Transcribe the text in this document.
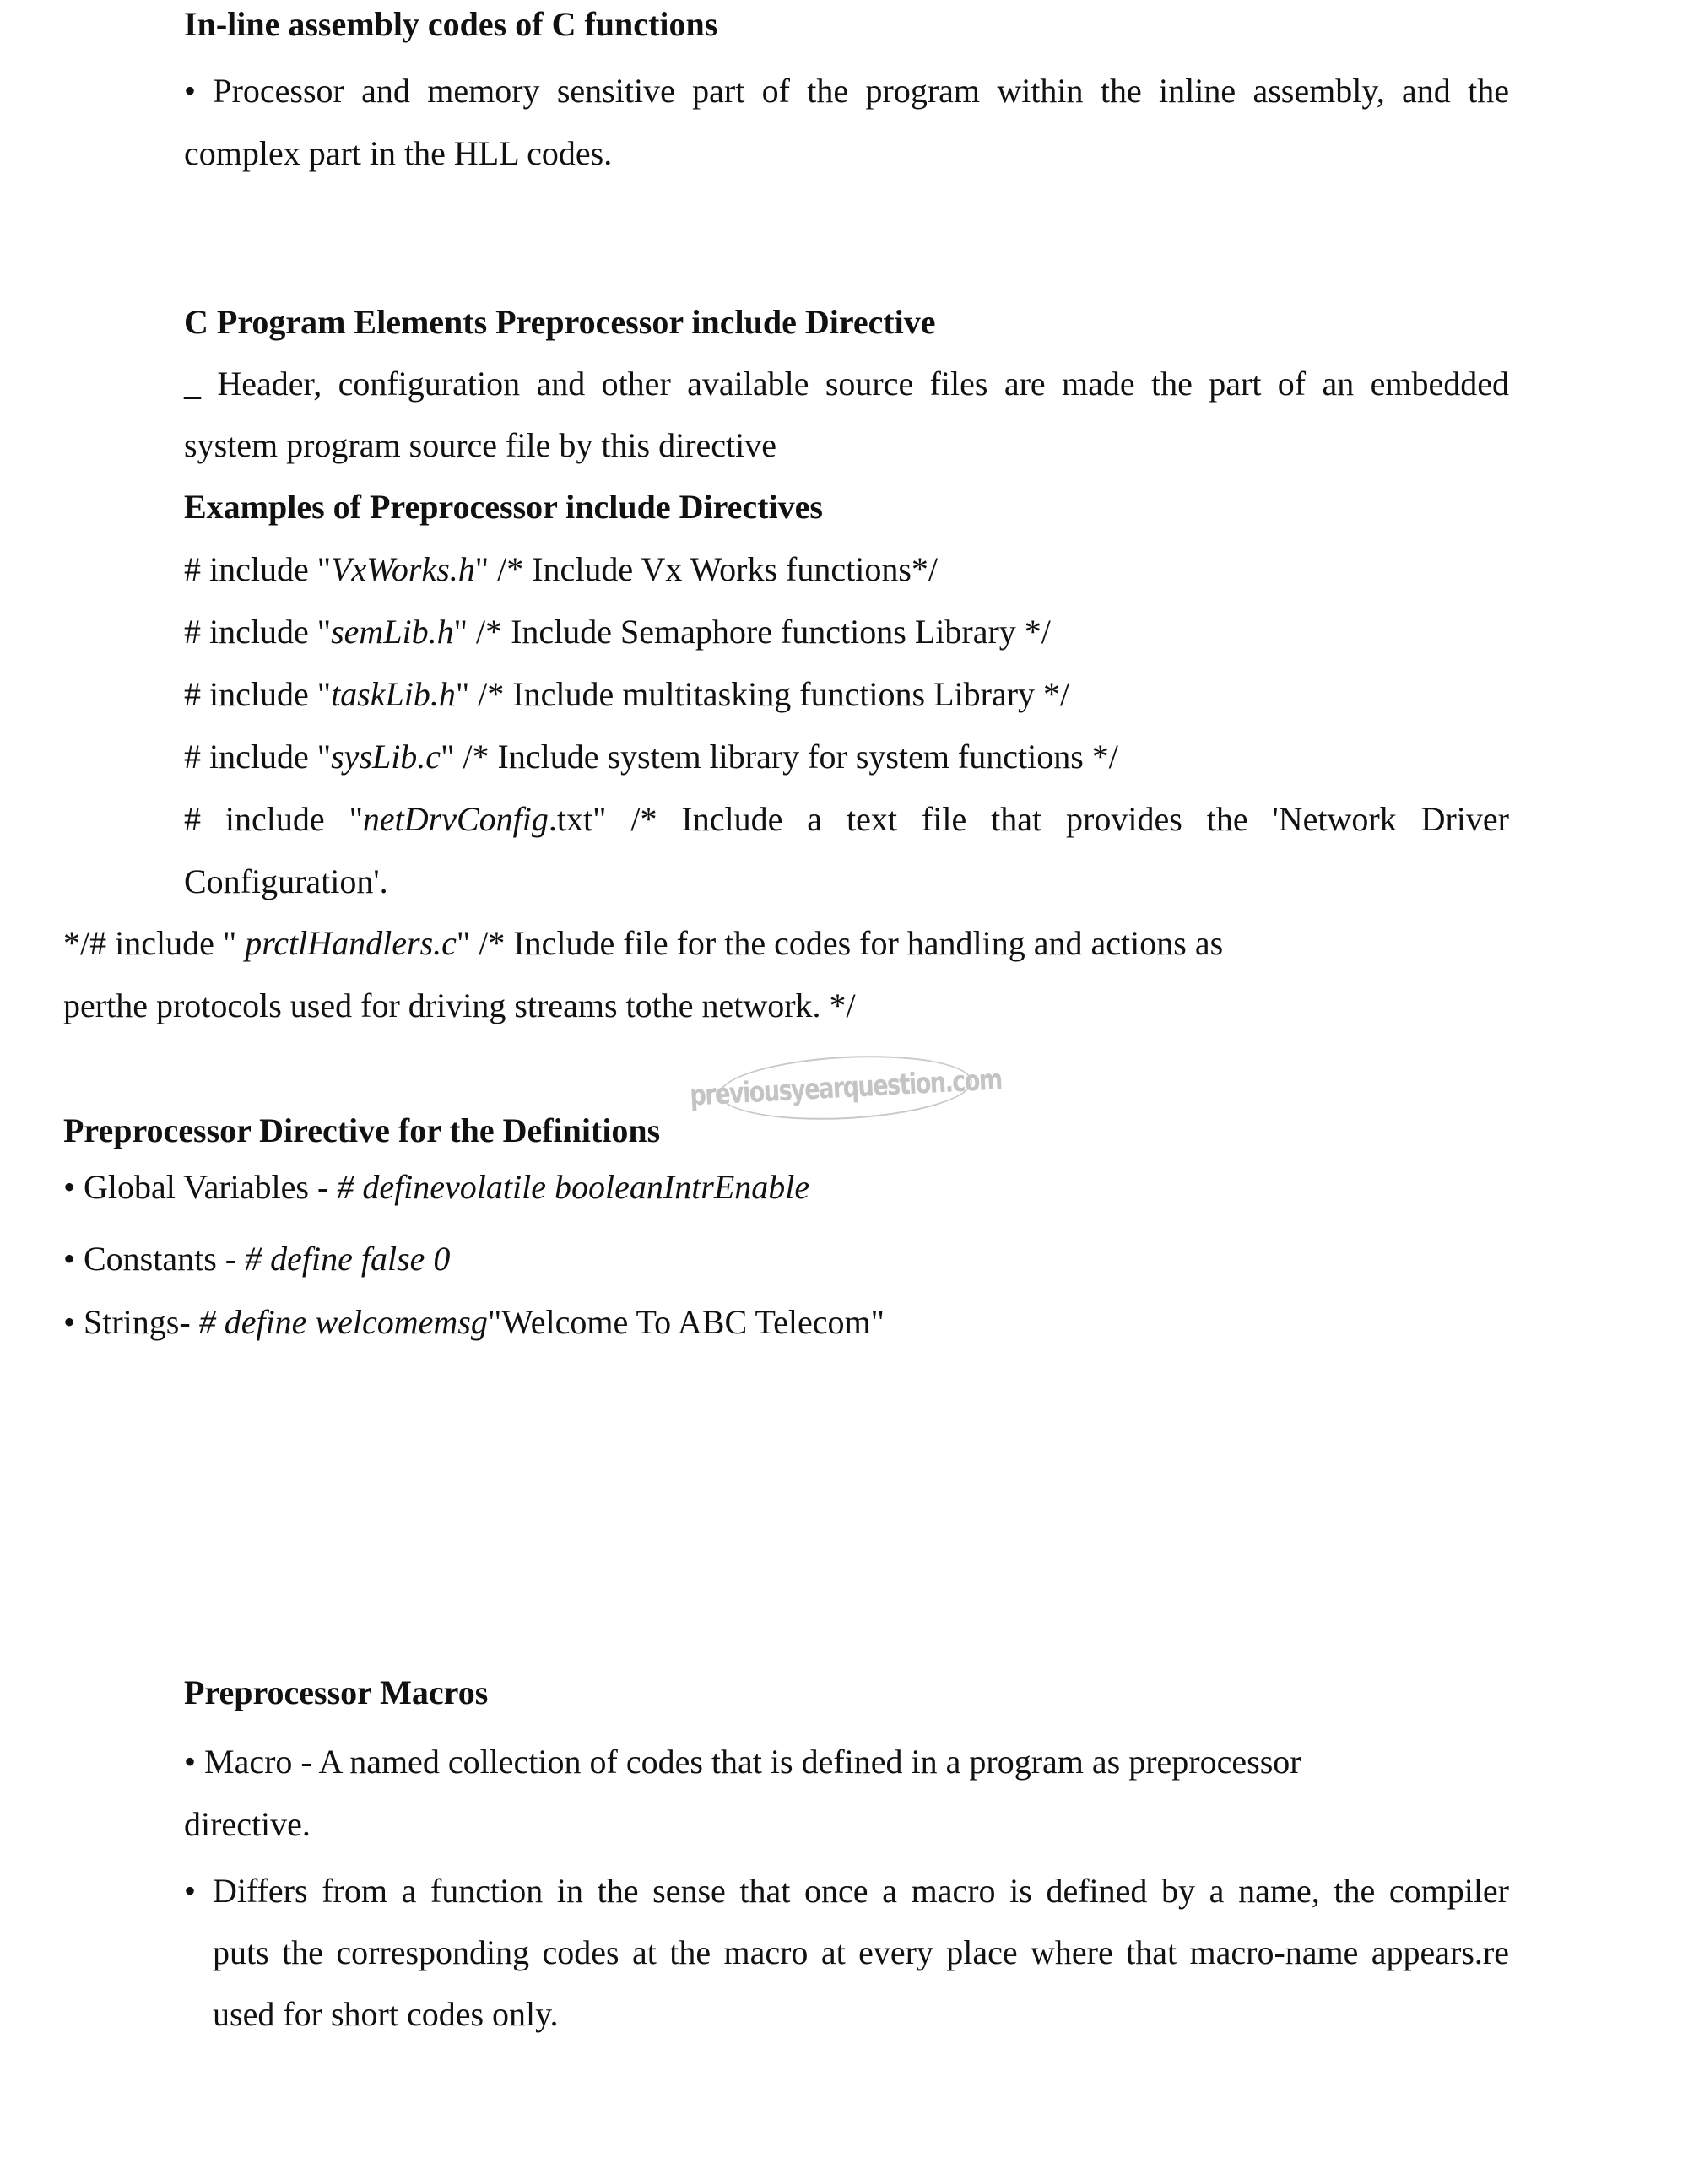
In-line assembly codes of C functions
• Processor and memory sensitive part of the program within the inline assembly, and the
complex part in the HLL codes.
C Program Elements Preprocessor include Directive
_ Header, configuration and other available source files are made the part of an embedded
system program source file by this directive
Examples of Preprocessor include Directives
# include "VxWorks.h" /* Include Vx Works functions*/
# include "semLib.h" /* Include Semaphore functions Library */
# include "taskLib.h" /* Include multitasking functions Library */
# include "sysLib.c" /* Include system library for system functions */
# include "netDrvConfig.txt" /* Include a text file that provides the 'Network Driver
Configuration'.
*/# include " prctlHandlers.c" /* Include file for the codes for handling and actions as
perthe protocols used for driving streams tothe network. */
previousyearquestion.com
Preprocessor Directive for the Definitions
• Global Variables - # definevolatile booleanIntrEnable
• Constants - # define false 0
• Strings- # define welcomemsg"Welcome To ABC Telecom"
Preprocessor Macros
• Macro - A named collection of codes that is defined in a program as preprocessor
directive.
• Differs from a function in the sense that once a macro is defined by a name, the compiler
puts the corresponding codes at the macro at every place where that macro-name appears.re
used for short codes only.
